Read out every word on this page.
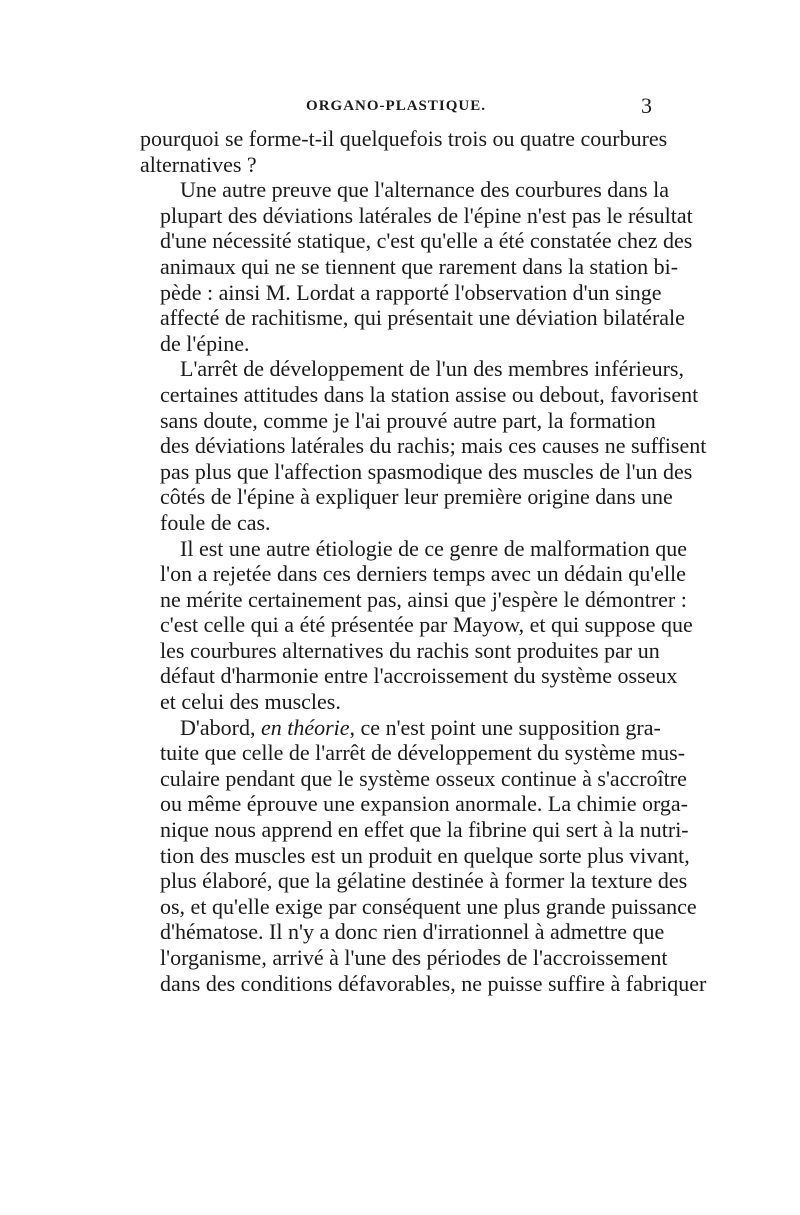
ORGANO-PLASTIQUE.	3
pourquoi se forme-t-il quelquefois trois ou quatre courbures
alternatives ?
Une autre preuve que l'alternance des courbures dans la
plupart des déviations latérales de l'épine n'est pas le résultat
d'une nécessité statique, c'est qu'elle a été constatée chez des
animaux qui ne se tiennent que rarement dans la station bi-
pède : ainsi M. Lordat a rapporté l'observation d'un singe
affecté de rachitisme, qui présentait une déviation bilatérale
de l'épine.
L'arrêt de développement de l'un des membres inférieurs,
certaines attitudes dans la station assise ou debout, favorisent
sans doute, comme je l'ai prouvé autre part, la formation
des déviations latérales du rachis; mais ces causes ne suffisent
pas plus que l'affection spasmodique des muscles de l'un des
côtés de l'épine à expliquer leur première origine dans une
foule de cas.
Il est une autre étiologie de ce genre de malformation que
l'on a rejetée dans ces derniers temps avec un dédain qu'elle
ne mérite certainement pas, ainsi que j'espère le démontrer :
c'est celle qui a été présentée par Mayow, et qui suppose que
les courbures alternatives du rachis sont produites par un
défaut d'harmonie entre l'accroissement du système osseux
et celui des muscles.
D'abord, en théorie, ce n'est point une supposition gra-
tuite que celle de l'arrêt de développement du système mus-
culaire pendant que le système osseux continue à s'accroître
ou même éprouve une expansion anormale. La chimie orga-
nique nous apprend en effet que la fibrine qui sert à la nutri-
tion des muscles est un produit en quelque sorte plus vivant,
plus élaboré, que la gélatine destinée à former la texture des
os, et qu'elle exige par conséquent une plus grande puissance
d'hématose. Il n'y a donc rien d'irrationnel à admettre que
l'organisme, arrivé à l'une des périodes de l'accroissement
dans des conditions défavorables, ne puisse suffire à fabriquer
